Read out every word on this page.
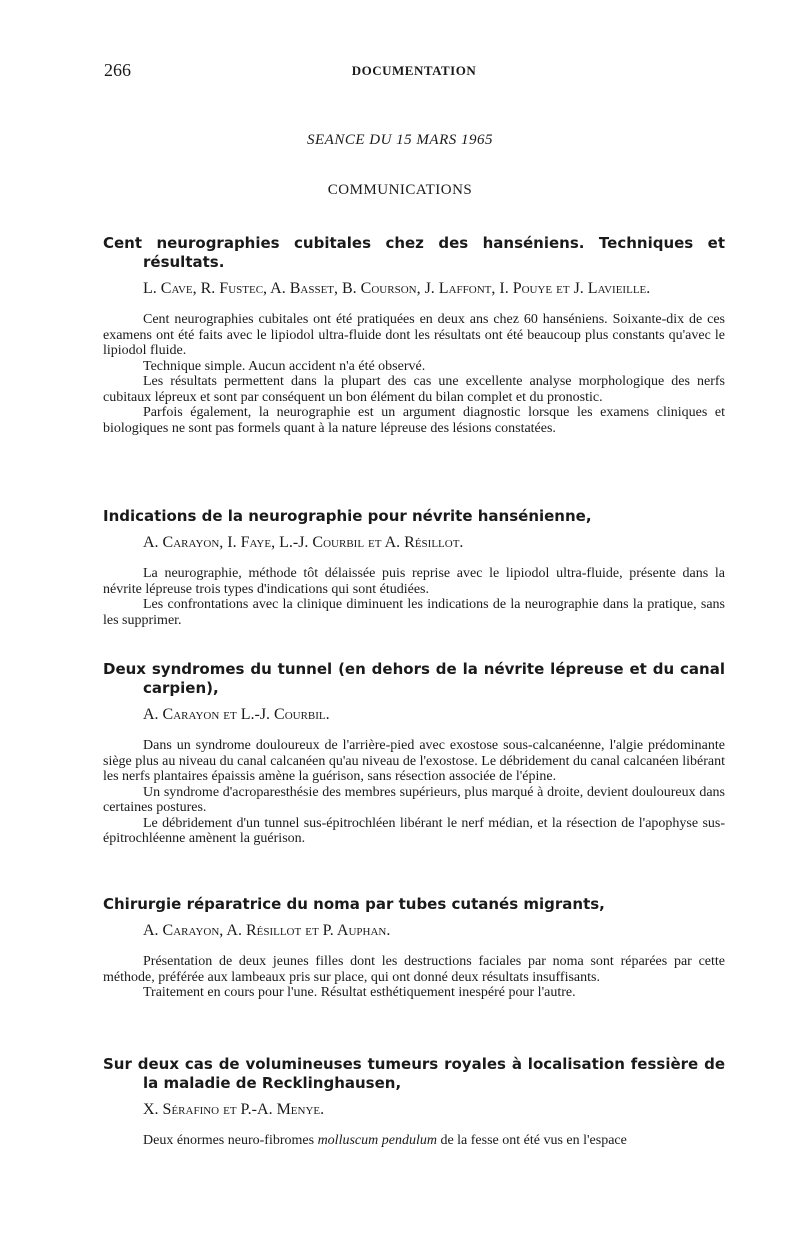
266	DOCUMENTATION
SEANCE DU 15 MARS 1965
COMMUNICATIONS
Cent neurographies cubitales chez des hanséniens. Techniques et résultats.
L. Cave, R. Fustec, A. Basset, B. Courson, J. Laffont, I. Pouye et J. Lavieille.

Cent neurographies cubitales ont été pratiquées en deux ans chez 60 hanséniens. Soixante-dix de ces examens ont été faits avec le lipiodol ultra-fluide dont les résultats ont été beaucoup plus constants qu'avec le lipiodol fluide.

Technique simple. Aucun accident n'a été observé.

Les résultats permettent dans la plupart des cas une excellente analyse morphologique des nerfs cubitaux lépreux et sont par conséquent un bon élément du bilan complet et du pronostic.

Parfois également, la neurographie est un argument diagnostic lorsque les examens cliniques et biologiques ne sont pas formels quant à la nature lépreuse des lésions constatées.

Indications de la neurographie pour névrite hansénienne,
A. Carayon, I. Faye, L.-J. Courbil et A. Résillot.

La neurographie, méthode tôt délaissée puis reprise avec le lipiodol ultra-fluide, présente dans la névrite lépreuse trois types d'indications qui sont étudiées.

Les confrontations avec la clinique diminuent les indications de la neurographie dans la pratique, sans les supprimer.

Deux syndromes du tunnel (en dehors de la névrite lépreuse et du canal carpien),
A. Carayon et L.-J. Courbil.

Dans un syndrome douloureux de l'arrière-pied avec exostose sous-calcanéenne, l'algie prédominante siège plus au niveau du canal calcanéen qu'au niveau de l'exostose. Le débridement du canal calcanéen libérant les nerfs plantaires épaissis amène la guérison, sans résection associée de l'épine.

Un syndrome d'acroparesthésie des membres supérieurs, plus marqué à droite, devient douloureux dans certaines postures.

Le débridement d'un tunnel sus-épitrochléen libérant le nerf médian, et la résection de l'apophyse sus-épitrochléenne amènent la guérison.

Chirurgie réparatrice du noma par tubes cutanés migrants,
A. Carayon, A. Résillot et P. Auphan.

Présentation de deux jeunes filles dont les destructions faciales par noma sont réparées par cette méthode, préférée aux lambeaux pris sur place, qui ont donné deux résultats insuffisants.

Traitement en cours pour l'une. Résultat esthétiquement inespéré pour l'autre.

Sur deux cas de volumineuses tumeurs royales à localisation fessière de la maladie de Recklinghausen,
X. Sérafino et P.-A. Menye.

Deux énormes neuro-fibromes molluscum pendulum de la fesse ont été vus en l'espace
